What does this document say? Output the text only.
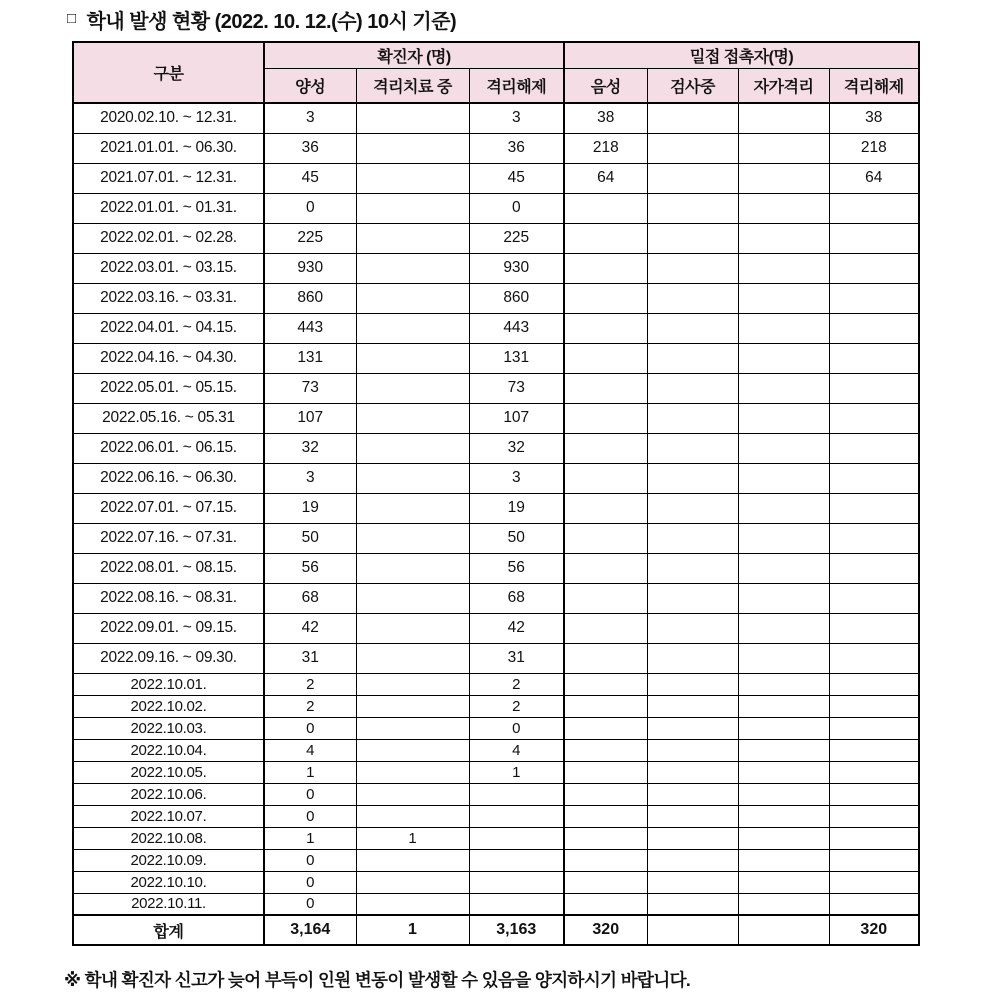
□ 학내 발생 현황 (2022. 10. 12.(수) 10시 기준)
구분	확진자 (명)			밀접 접촉자(명)			
	양성	격리치료 중	격리해제	음성	검사중	자가격리	격리해제
2020.02.10. ~ 12.31.	3		3	38			38
2021.01.01. ~ 06.30.	36		36	218			218
2021.07.01. ~ 12.31.	45		45	64			64
2022.01.01. ~ 01.31.	0		0				
2022.02.01. ~ 02.28.	225		225				
2022.03.01. ~ 03.15.	930		930				
2022.03.16. ~ 03.31.	860		860				
2022.04.01. ~ 04.15.	443		443				
2022.04.16. ~ 04.30.	131		131				
2022.05.01. ~ 05.15.	73		73				
2022.05.16. ~ 05.31	107		107				
2022.06.01. ~ 06.15.	32		32				
2022.06.16. ~ 06.30.	3		3				
2022.07.01. ~ 07.15.	19		19				
2022.07.16. ~ 07.31.	50		50				
2022.08.01. ~ 08.15.	56		56				
2022.08.16. ~ 08.31.	68		68				
2022.09.01. ~ 09.15.	42		42				
2022.09.16. ~ 09.30.	31		31				
2022.10.01.	2		2				
2022.10.02.	2		2				
2022.10.03.	0		0				
2022.10.04.	4		4				
2022.10.05.	1		1				
2022.10.06.	0						
2022.10.07.	0						
2022.10.08.	1	1					
2022.10.09.	0						
2022.10.10.	0						
2022.10.11.	0						
합계	3,164	1	3,163	320			320
※ 학내 확진자 신고가 늦어 부득이 인원 변동이 발생할 수 있음을 양지하시기 바랍니다.
